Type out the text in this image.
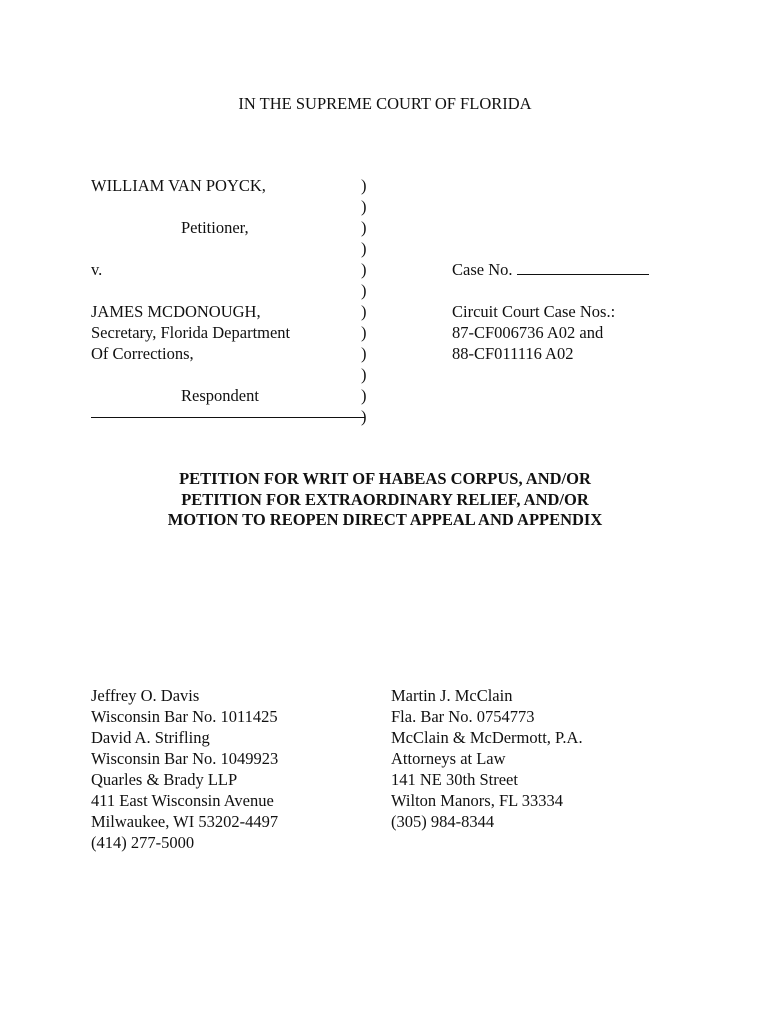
IN THE SUPREME COURT OF FLORIDA
WILLIAM VAN POYCK,
Petitioner,
v.
JAMES MCDONOUGH,
Secretary, Florida Department
Of Corrections,
Respondent
)
)
)
)
)
)
)
)
)
)
)
)
Case No.
Circuit Court Case Nos.:
87-CF006736 A02 and
88-CF011116 A02
PETITION FOR WRIT OF HABEAS CORPUS, AND/OR
PETITION FOR EXTRAORDINARY RELIEF, AND/OR
MOTION TO REOPEN DIRECT APPEAL AND APPENDIX
Jeffrey O. Davis
Wisconsin Bar No. 1011425
David A. Strifling
Wisconsin Bar No. 1049923
Quarles & Brady LLP
411 East Wisconsin Avenue
Milwaukee, WI 53202-4497
(414) 277-5000
Martin J. McClain
Fla. Bar No. 0754773
McClain & McDermott, P.A.
Attorneys at Law
141 NE 30th Street
Wilton Manors, FL 33334
(305) 984-8344
